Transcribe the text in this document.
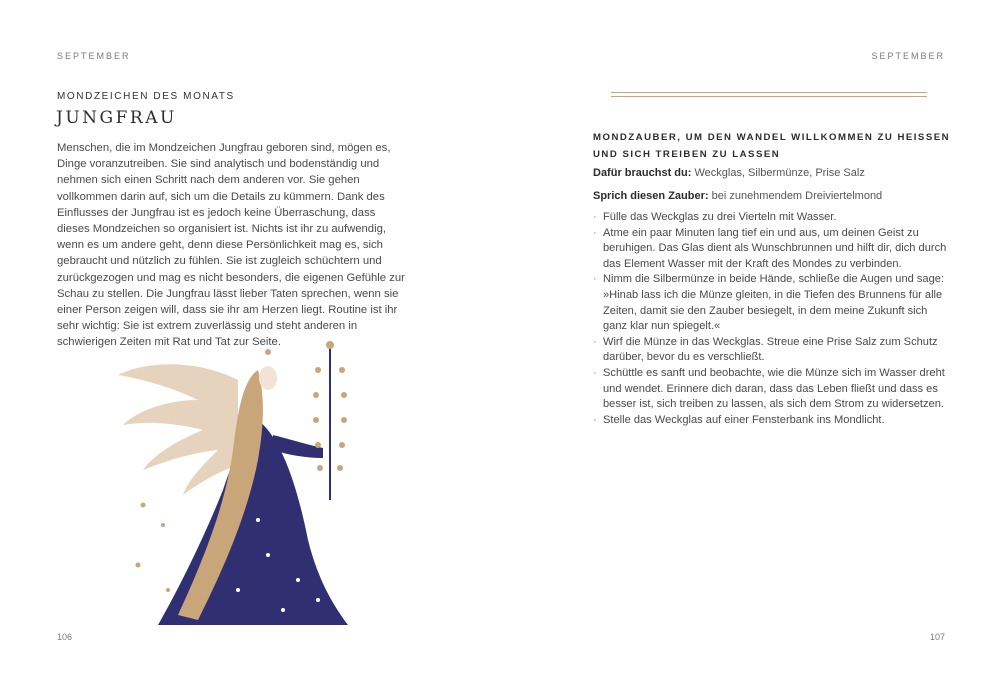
SEPTEMBER
MONDZEICHEN DES MONATS
JUNGFRAU

Menschen, die im Mondzeichen Jungfrau geboren sind, mögen es, Dinge voranzutreiben. Sie sind analytisch und bodenständig und nehmen sich einen Schritt nach dem anderen vor. Sie gehen vollkommen darin auf, sich um die Details zu kümmern. Dank des Einflusses der Jungfrau ist es jedoch keine Überraschung, dass dieses Mondzeichen so organisiert ist. Nichts ist ihr zu aufwendig, wenn es um andere geht, denn diese Persönlichkeit mag es, sich gebraucht und nützlich zu fühlen. Sie ist zugleich schüchtern und zurückgezogen und mag es nicht besonders, die eigenen Gefühle zur Schau zu stellen. Die Jungfrau lässt lieber Taten sprechen, wenn sie einer Person zeigen will, dass sie ihr am Herzen liegt. Routine ist ihr sehr wichtig: Sie ist extrem zuverlässig und steht anderen in schwierigen Zeiten mit Rat und Tat zur Seite.

106
SEPTEMBER
MONDZAUBER, UM DEN WANDEL WILLKOMMEN ZU HEISSEN UND SICH TREIBEN ZU LASSEN
Dafür brauchst du: Weckglas, Silbermünze, Prise Salz
Sprich diesen Zauber: bei zunehmendem Dreiviertelmond
· Fülle das Weckglas zu drei Vierteln mit Wasser.
· Atme ein paar Minuten lang tief ein und aus, um deinen Geist zu beruhigen. Das Glas dient als Wunschbrunnen und hilft dir, dich durch das Element Wasser mit der Kraft des Mondes zu verbinden.
· Nimm die Silbermünze in beide Hände, schließe die Augen und sage: »Hinab lass ich die Münze gleiten, in die Tiefen des Brunnens für alle Zeiten, damit sie den Zauber besiegelt, in dem meine Zukunft sich ganz klar nun spiegelt.«
· Wirf die Münze in das Weckglas. Streue eine Prise Salz zum Schutz darüber, bevor du es verschließt.
· Schüttle es sanft und beobachte, wie die Münze sich im Wasser dreht und wendet. Erinnere dich daran, dass das Leben fließt und dass es besser ist, sich treiben zu lassen, als sich dem Strom zu widersetzen.
· Stelle das Weckglas auf einer Fensterbank ins Mondlicht.
107
